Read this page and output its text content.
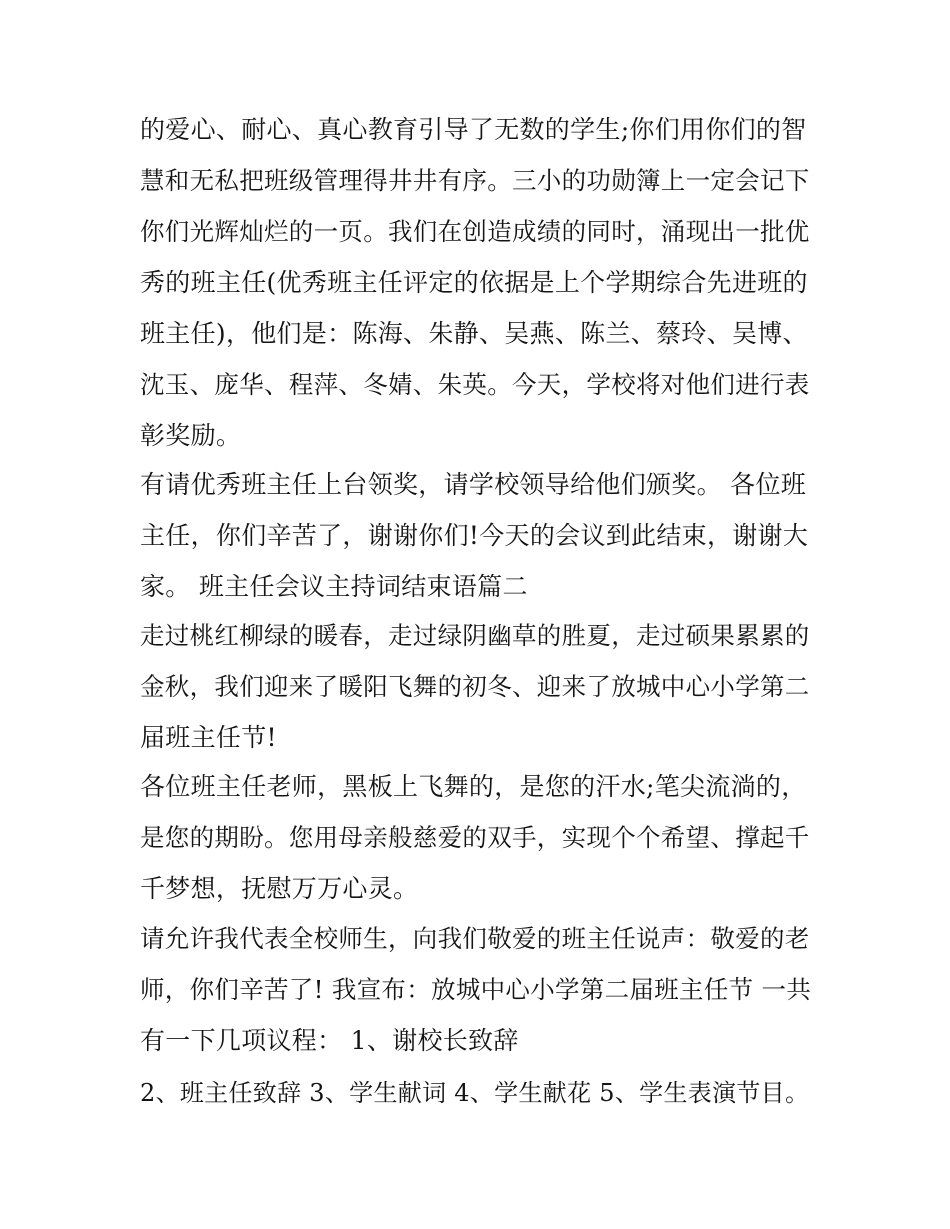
的爱心、耐心、真心教育引导了无数的学生;你们用你们的智
慧和无私把班级管理得井井有序。三小的功勋簿上一定会记下
你们光辉灿烂的一页。我们在创造成绩的同时，涌现出一批优
秀的班主任(优秀班主任评定的依据是上个学期综合先进班的
班主任)，他们是：陈海、朱静、吴燕、陈兰、蔡玲、吴博、
沈玉、庞华、程萍、冬婧、朱英。今天，学校将对他们进行表
彰奖励。
有请优秀班主任上台领奖，请学校领导给他们颁奖。 各位班
主任，你们辛苦了，谢谢你们!今天的会议到此结束，谢谢大
家。 班主任会议主持词结束语篇二
走过桃红柳绿的暖春，走过绿阴幽草的胜夏，走过硕果累累的
金秋，我们迎来了暖阳飞舞的初冬、迎来了放城中心小学第二
届班主任节!
各位班主任老师，黑板上飞舞的，是您的汗水;笔尖流淌的，
是您的期盼。您用母亲般慈爱的双手，实现个个希望、撑起千
千梦想，抚慰万万心灵。
请允许我代表全校师生，向我们敬爱的班主任说声：敬爱的老
师，你们辛苦了! 我宣布：放城中心小学第二届班主任节 一共
有一下几项议程： 1、谢校长致辞
2、班主任致辞 3、学生献词 4、学生献花 5、学生表演节目。
